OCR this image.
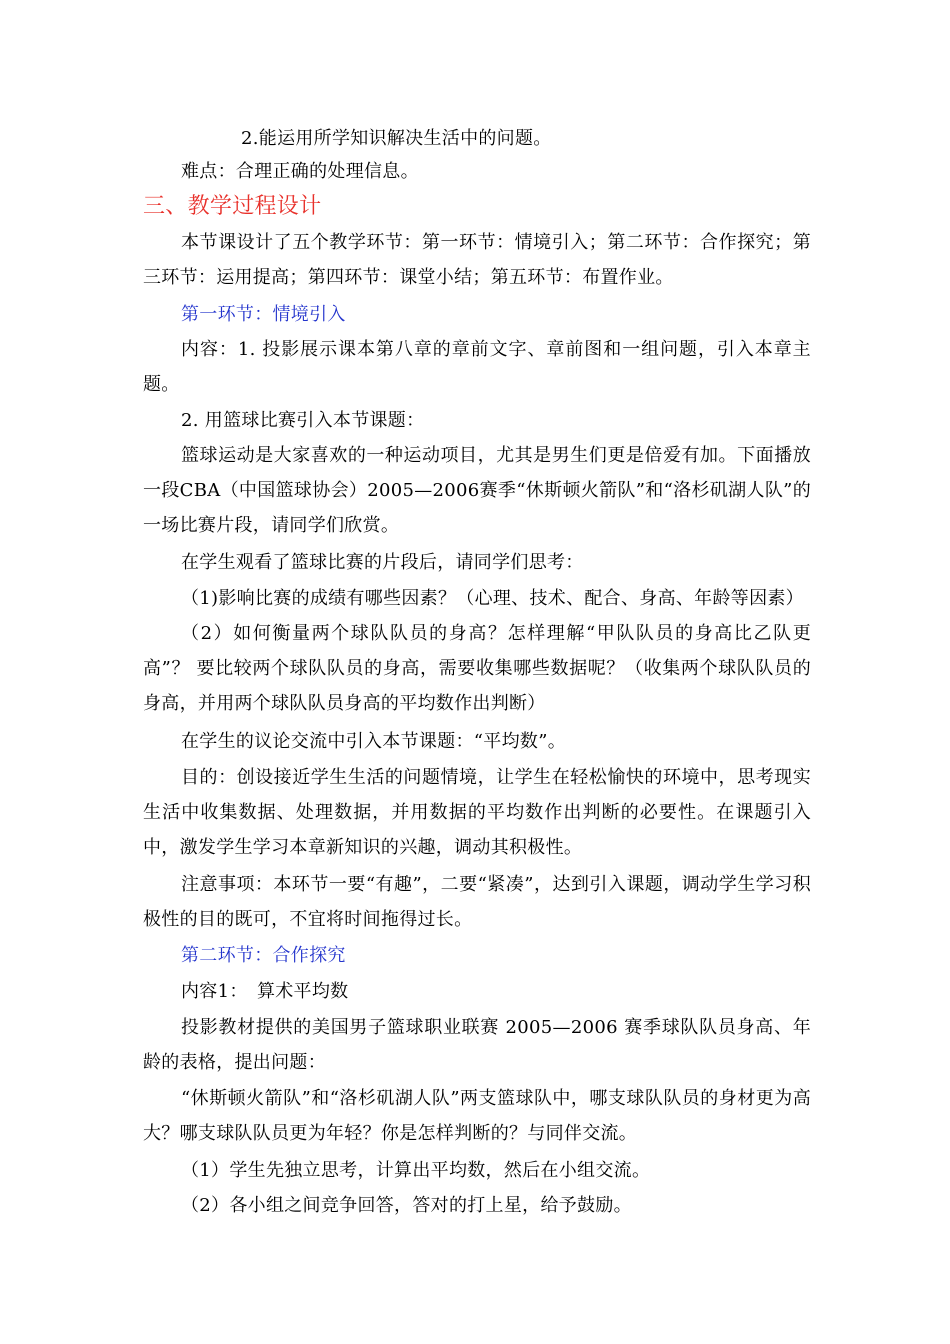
2.能运用所学知识解决生活中的问题。

难点：合理正确的处理信息。

三、教学过程设计

本节课设计了五个教学环节：第一环节：情境引入；第二环节：合作探究；第三环节：运用提高；第四环节：课堂小结；第五环节：布置作业。

第一环节：情境引入

内容：1. 投影展示课本第八章的章前文字、章前图和一组问题，引入本章主题。

2. 用篮球比赛引入本节课题：

篮球运动是大家喜欢的一种运动项目，尤其是男生们更是倍爱有加。下面播放一段CBA（中国篮球协会）2005—2006赛季“休斯顿火箭队”和“洛杉矶湖人队”的一场比赛片段，请同学们欣赏。

在学生观看了篮球比赛的片段后，请同学们思考：

（1)影响比赛的成绩有哪些因素？（心理、技术、配合、身高、年龄等因素）

（2）如何衡量两个球队队员的身高？怎样理解“甲队队员的身高比乙队更高”？ 要比较两个球队队员的身高，需要收集哪些数据呢？（收集两个球队队员的身高，并用两个球队队员身高的平均数作出判断）

在学生的议论交流中引入本节课题：“平均数”。

目的：创设接近学生生活的问题情境，让学生在轻松愉快的环境中，思考现实生活中收集数据、处理数据，并用数据的平均数作出判断的必要性。在课题引入中，激发学生学习本章新知识的兴趣，调动其积极性。

注意事项：本环节一要“有趣”，二要“紧凑”，达到引入课题，调动学生学习积极性的目的既可，不宜将时间拖得过长。

第二环节：合作探究

内容1：　算术平均数

投影教材提供的美国男子篮球职业联赛 2005—2006 赛季球队队员身高、年龄的表格，提出问题：

“休斯顿火箭队”和“洛杉矶湖人队”两支篮球队中，哪支球队队员的身材更为高大？哪支球队队员更为年轻？你是怎样判断的？与同伴交流。

（1）学生先独立思考，计算出平均数，然后在小组交流。

（2）各小组之间竞争回答，答对的打上星，给予鼓励。
